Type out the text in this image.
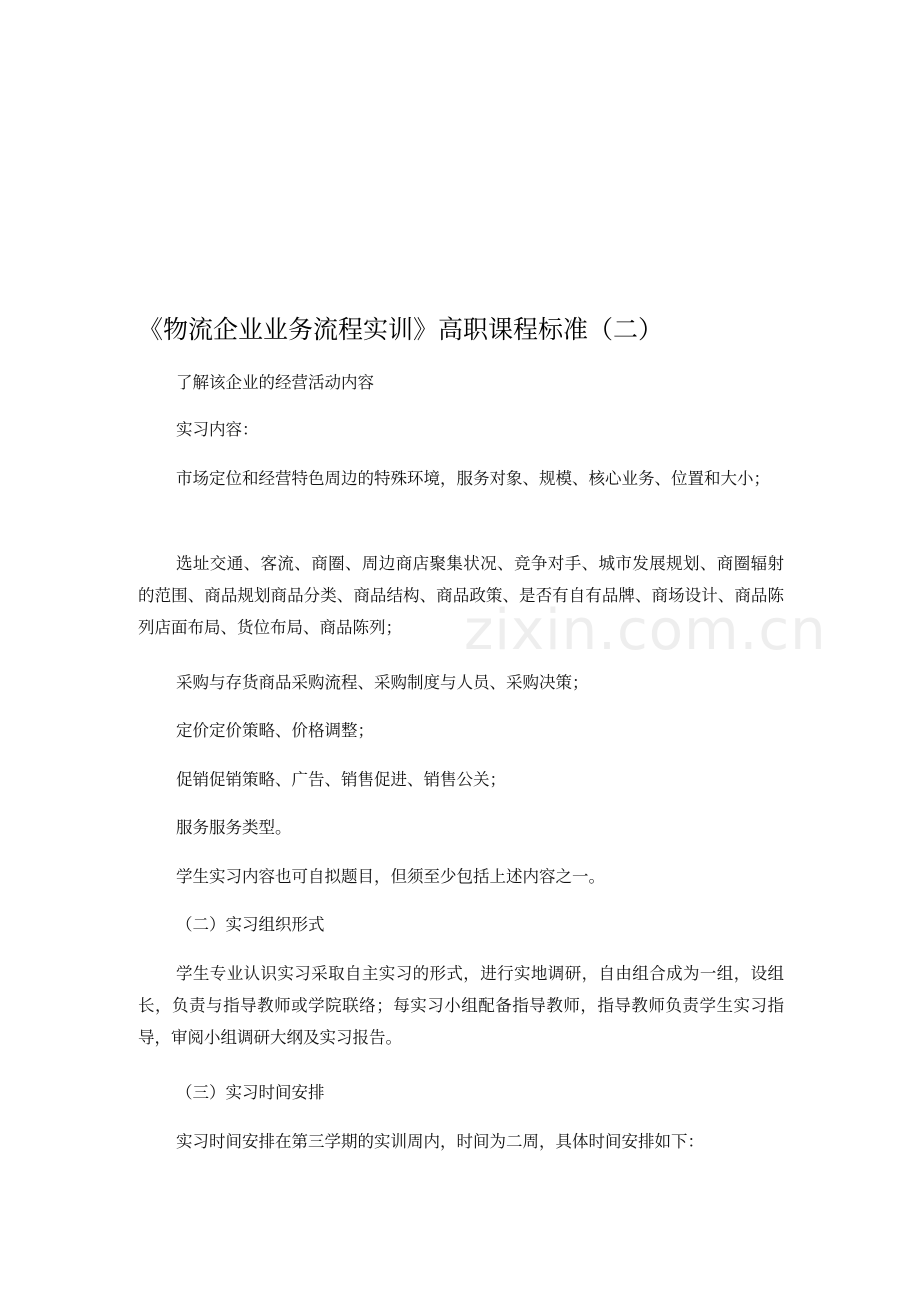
《物流企业业务流程实训》高职课程标准（二）

了解该企业的经营活动内容

实习内容：

市场定位和经营特色周边的特殊环境，服务对象、规模、核心业务、位置和大小；

选址交通、客流、商圈、周边商店聚集状况、竞争对手、城市发展规划、商圈辐射的范围、商品规划商品分类、商品结构、商品政策、是否有自有品牌、商场设计、商品陈列店面布局、货位布局、商品陈列；

采购与存货商品采购流程、采购制度与人员、采购决策；

定价定价策略、价格调整；

促销促销策略、广告、销售促进、销售公关；

服务服务类型。

学生实习内容也可自拟题目，但须至少包括上述内容之一。

（二）实习组织形式

学生专业认识实习采取自主实习的形式，进行实地调研，自由组合成为一组，设组长，负责与指导教师或学院联络；每实习小组配备指导教师，指导教师负责学生实习指导，审阅小组调研大纲及实习报告。

（三）实习时间安排

实习时间安排在第三学期的实训周内，时间为二周，具体时间安排如下：

zixin.com.cn
